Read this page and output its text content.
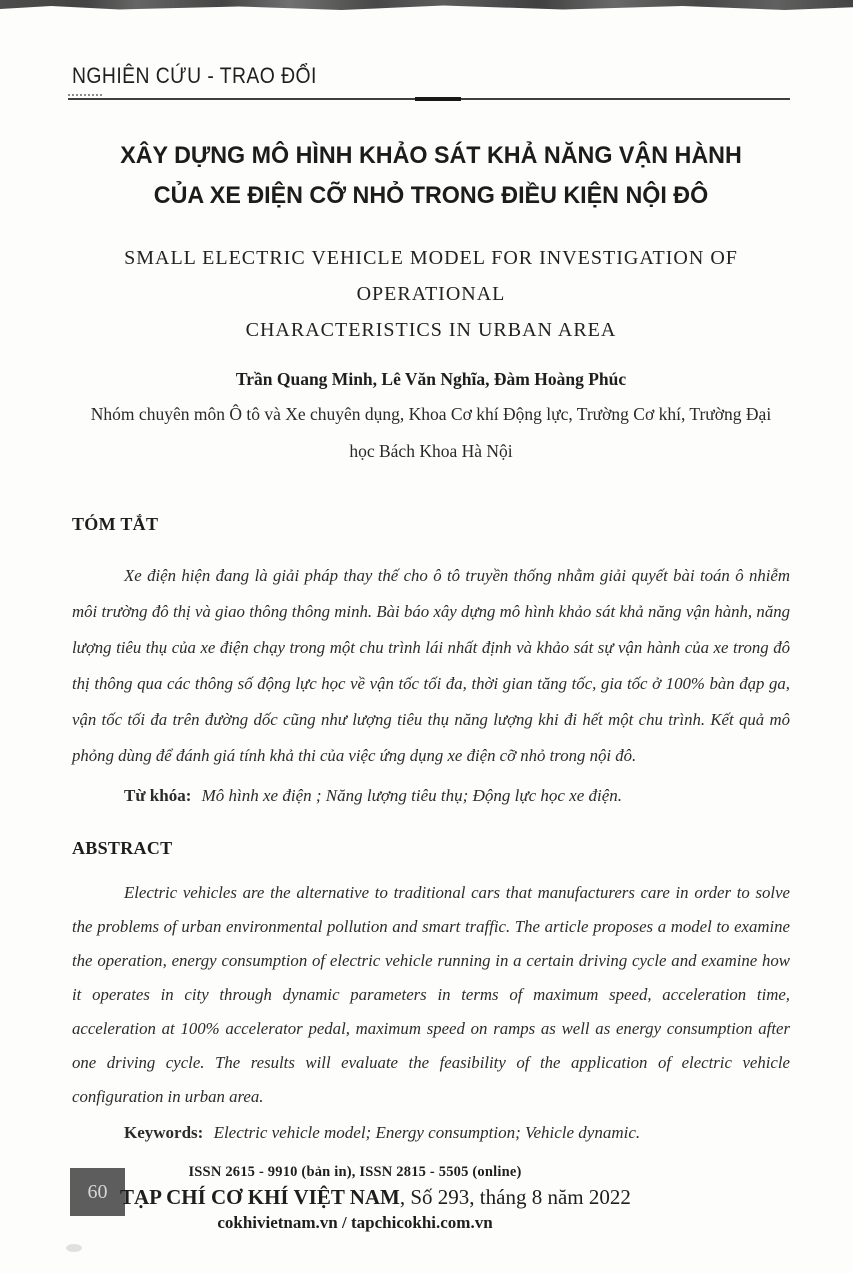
NGHIÊN CỨU - TRAO ĐỔI
XÂY DỰNG MÔ HÌNH KHẢO SÁT KHẢ NĂNG VẬN HÀNH
CỦA XE ĐIỆN CỠ NHỎ TRONG ĐIỀU KIỆN NỘI ĐÔ
SMALL ELECTRIC VEHICLE MODEL FOR INVESTIGATION OF OPERATIONAL
CHARACTERISTICS IN URBAN AREA
Trần Quang Minh, Lê Văn Nghĩa, Đàm Hoàng Phúc
Nhóm chuyên môn Ô tô và Xe chuyên dụng, Khoa Cơ khí Động lực, Trường Cơ khí, Trường Đại
học Bách Khoa Hà Nội
TÓM TẮT

Xe điện hiện đang là giải pháp thay thế cho ô tô truyền thống nhằm giải quyết bài toán ô nhiễm môi trường đô thị và giao thông thông minh. Bài báo xây dựng mô hình khảo sát khả năng vận hành, năng lượng tiêu thụ của xe điện chạy trong một chu trình lái nhất định và khảo sát sự vận hành của xe trong đô thị thông qua các thông số động lực học về vận tốc tối đa, thời gian tăng tốc, gia tốc ở 100% bàn đạp ga, vận tốc tối đa trên đường dốc cũng như lượng tiêu thụ năng lượng khi đi hết một chu trình. Kết quả mô phỏng dùng để đánh giá tính khả thi của việc ứng dụng xe điện cỡ nhỏ trong nội đô.

Từ khóa: Mô hình xe điện ; Năng lượng tiêu thụ; Động lực học xe điện.

ABSTRACT

Electric vehicles are the alternative to traditional cars that manufacturers care in order to solve the problems of urban environmental pollution and smart traffic. The article proposes a model to examine the operation, energy consumption of electric vehicle running in a certain driving cycle and examine how it operates in city through dynamic parameters in terms of maximum speed, acceleration time, acceleration at 100% accelerator pedal, maximum speed on ramps as well as energy consumption after one driving cycle. The results will evaluate the feasibility of the application of electric vehicle configuration in urban area.

Keywords: Electric vehicle model; Energy consumption; Vehicle dynamic.

60
ISSN 2615 - 9910 (bản in), ISSN 2815 - 5505 (online)
TẠP CHÍ CƠ KHÍ VIỆT NAM, Số 293, tháng 8 năm 2022
cokhivietnam.vn / tapchicokhi.com.vn
